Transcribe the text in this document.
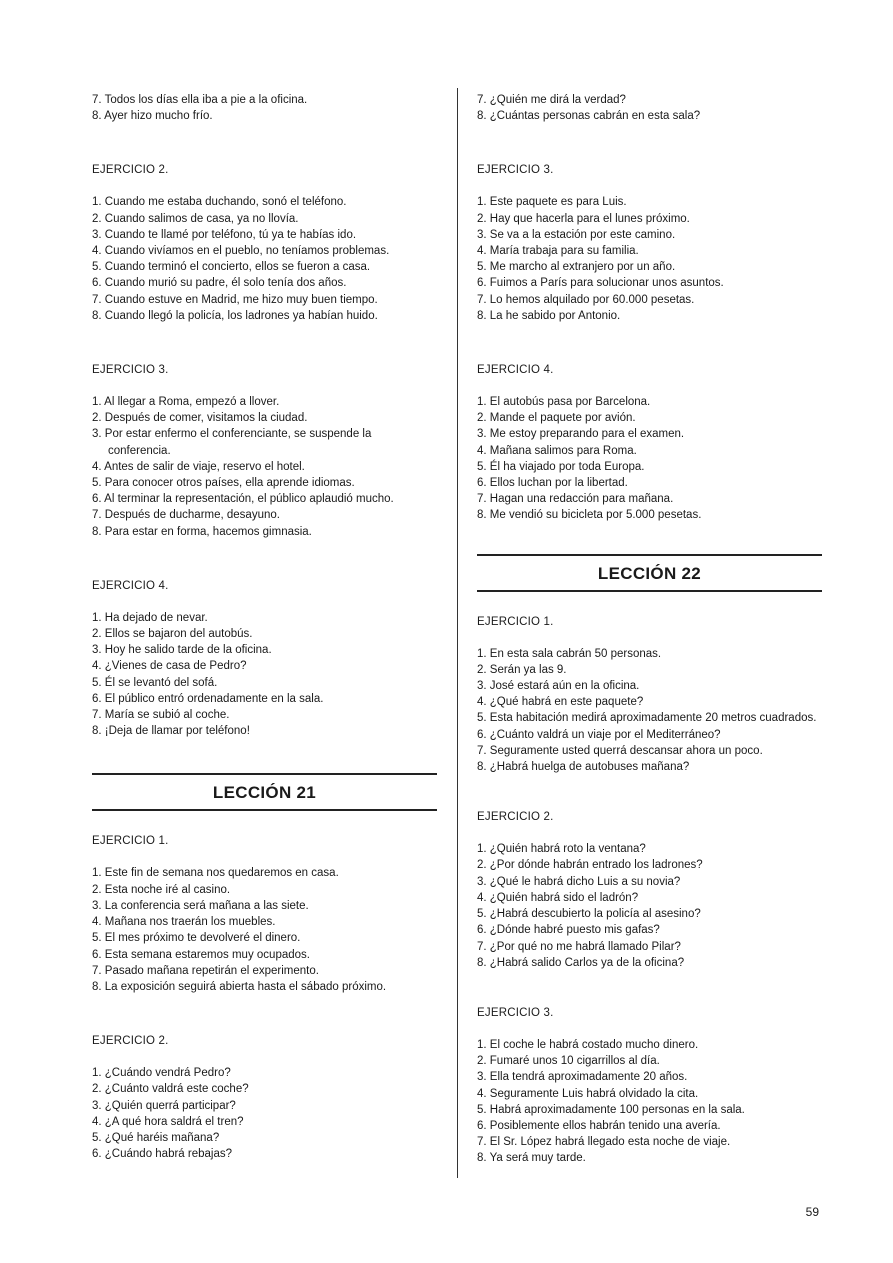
7. Todos los días ella iba a pie a la oficina.
8. Ayer hizo mucho frío.

EJERCICIO 2.

1. Cuando me estaba duchando, sonó el teléfono.
2. Cuando salimos de casa, ya no llovía.
3. Cuando te llamé por teléfono, tú ya te habías ido.
4. Cuando vivíamos en el pueblo, no teníamos problemas.
5. Cuando terminó el concierto, ellos se fueron a casa.
6. Cuando murió su padre, él solo tenía dos años.
7. Cuando estuve en Madrid, me hizo muy buen tiempo.
8. Cuando llegó la policía, los ladrones ya habían huido.

EJERCICIO 3.

1. Al llegar a Roma, empezó a llover.
2. Después de comer, visitamos la ciudad.
3. Por estar enfermo el conferenciante, se suspende la conferencia.
4. Antes de salir de viaje, reservo el hotel.
5. Para conocer otros países, ella aprende idiomas.
6. Al terminar la representación, el público aplaudió mucho.
7. Después de ducharme, desayuno.
8. Para estar en forma, hacemos gimnasia.

EJERCICIO 4.

1. Ha dejado de nevar.
2. Ellos se bajaron del autobús.
3. Hoy he salido tarde de la oficina.
4. ¿Vienes de casa de Pedro?
5. Él se levantó del sofá.
6. El público entró ordenadamente en la sala.
7. María se subió al coche.
8. ¡Deja de llamar por teléfono!
LECCIÓN 21

EJERCICIO 1.

1. Este fin de semana nos quedaremos en casa.
2. Esta noche iré al casino.
3. La conferencia será mañana a las siete.
4. Mañana nos traerán los muebles.
5. El mes próximo te devolveré el dinero.
6. Esta semana estaremos muy ocupados.
7. Pasado mañana repetirán el experimento.
8. La exposición seguirá abierta hasta el sábado próximo.

EJERCICIO 2.

1. ¿Cuándo vendrá Pedro?
2. ¿Cuánto valdrá este coche?
3. ¿Quién querrá participar?
4. ¿A qué hora saldrá el tren?
5. ¿Qué haréis mañana?
6. ¿Cuándo habrá rebajas?
7. ¿Quién me dirá la verdad?
8. ¿Cuántas personas cabrán en esta sala?

EJERCICIO 3.

1. Este paquete es para Luis.
2. Hay que hacerla para el lunes próximo.
3. Se va a la estación por este camino.
4. María trabaja para su familia.
5. Me marcho al extranjero por un año.
6. Fuimos a París para solucionar unos asuntos.
7. Lo hemos alquilado por 60.000 pesetas.
8. La he sabido por Antonio.

EJERCICIO 4.

1. El autobús pasa por Barcelona.
2. Mande el paquete por avión.
3. Me estoy preparando para el examen.
4. Mañana salimos para Roma.
5. Él ha viajado por toda Europa.
6. Ellos luchan por la libertad.
7. Hagan una redacción para mañana.
8. Me vendió su bicicleta por 5.000 pesetas.
LECCIÓN 22

EJERCICIO 1.

1. En esta sala cabrán 50 personas.
2. Serán ya las 9.
3. José estará aún en la oficina.
4. ¿Qué habrá en este paquete?
5. Esta habitación medirá aproximadamente 20 metros cuadrados.
6. ¿Cuánto valdrá un viaje por el Mediterráneo?
7. Seguramente usted querrá descansar ahora un poco.
8. ¿Habrá huelga de autobuses mañana?

EJERCICIO 2.

1. ¿Quién habrá roto la ventana?
2. ¿Por dónde habrán entrado los ladrones?
3. ¿Qué le habrá dicho Luis a su novia?
4. ¿Quién habrá sido el ladrón?
5. ¿Habrá descubierto la policía al asesino?
6. ¿Dónde habré puesto mis gafas?
7. ¿Por qué no me habrá llamado Pilar?
8. ¿Habrá salido Carlos ya de la oficina?

EJERCICIO 3.

1. El coche le habrá costado mucho dinero.
2. Fumaré unos 10 cigarrillos al día.
3. Ella tendrá aproximadamente 20 años.
4. Seguramente Luis habrá olvidado la cita.
5. Habrá aproximadamente 100 personas en la sala.
6. Posiblemente ellos habrán tenido una avería.
7. El Sr. López habrá llegado esta noche de viaje.
8. Ya será muy tarde.
59
